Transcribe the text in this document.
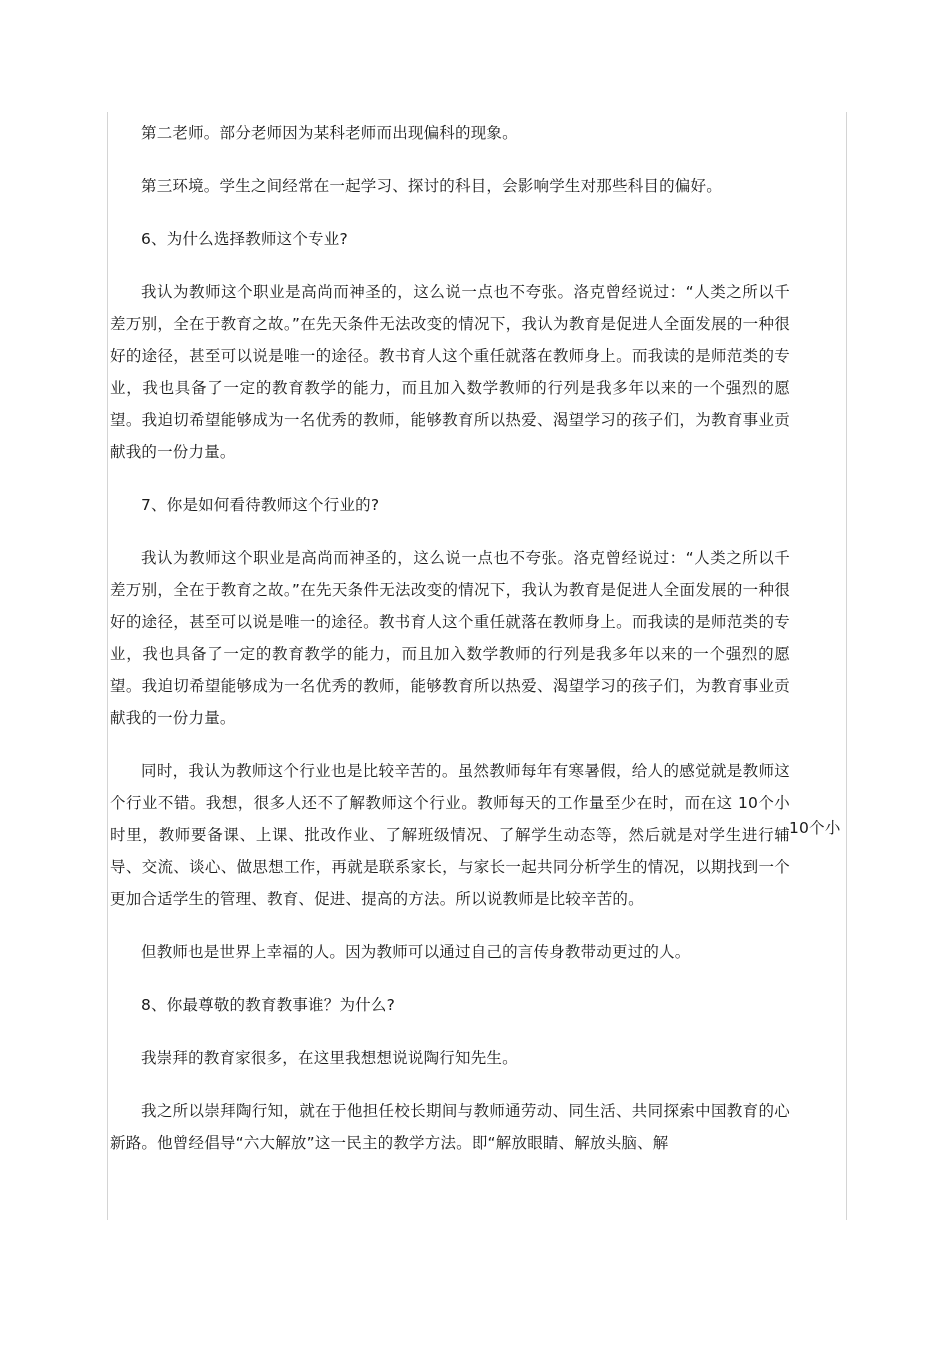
第二老师。部分老师因为某科老师而出现偏科的现象。

第三环境。学生之间经常在一起学习、探讨的科目，会影响学生对那些科目的偏好。

6、为什么选择教师这个专业?

我认为教师这个职业是高尚而神圣的，这么说一点也不夸张。洛克曾经说过：“人类之所以千差万别，全在于教育之故。”在先天条件无法改变的情况下，我认为教育是促进人全面发展的一种很好的途径，甚至可以说是唯一的途径。教书育人这个重任就落在教师身上。而我读的是师范类的专业，我也具备了一定的教育教学的能力，而且加入数学教师的行列是我多年以来的一个强烈的愿望。我迫切希望能够成为一名优秀的教师，能够教育所以热爱、渴望学习的孩子们，为教育事业贡献我的一份力量。

7、你是如何看待教师这个行业的?

我认为教师这个职业是高尚而神圣的，这么说一点也不夸张。洛克曾经说过：“人类之所以千差万别，全在于教育之故。”在先天条件无法改变的情况下，我认为教育是促进人全面发展的一种很好的途径，甚至可以说是唯一的途径。教书育人这个重任就落在教师身上。而我读的是师范类的专业，我也具备了一定的教育教学的能力，而且加入数学教师的行列是我多年以来的一个强烈的愿望。我迫切希望能够成为一名优秀的教师，能够教育所以热爱、渴望学习的孩子们，为教育事业贡献我的一份力量。

同时，我认为教师这个行业也是比较辛苦的。虽然教师每年有寒暑假，给人的感觉就是教师这个行业不错。我想，很多人还不了解教师这个行业。教师每天的工作量至少在时，而在这 10个小时里，教师要备课、上课、批改作业、了解班级情况、了解学生动态等，然后就是对学生进行辅导、交流、谈心、做思想工作，再就是联系家长，与家长一起共同分析学生的情况，以期找到一个更加合适学生的管理、教育、促进、提高的方法。所以说教师是比较辛苦的。

但教师也是世界上幸福的人。因为教师可以通过自己的言传身教带动更过的人。

8、你最尊敬的教育教事谁？为什么?

我崇拜的教育家很多，在这里我想想说说陶行知先生。

我之所以崇拜陶行知，就在于他担任校长期间与教师通劳动、同生活、共同探索中国教育的心新路。他曾经倡导“六大解放”这一民主的教学方法。即“解放眼睛、解放头脑、解

10个小
